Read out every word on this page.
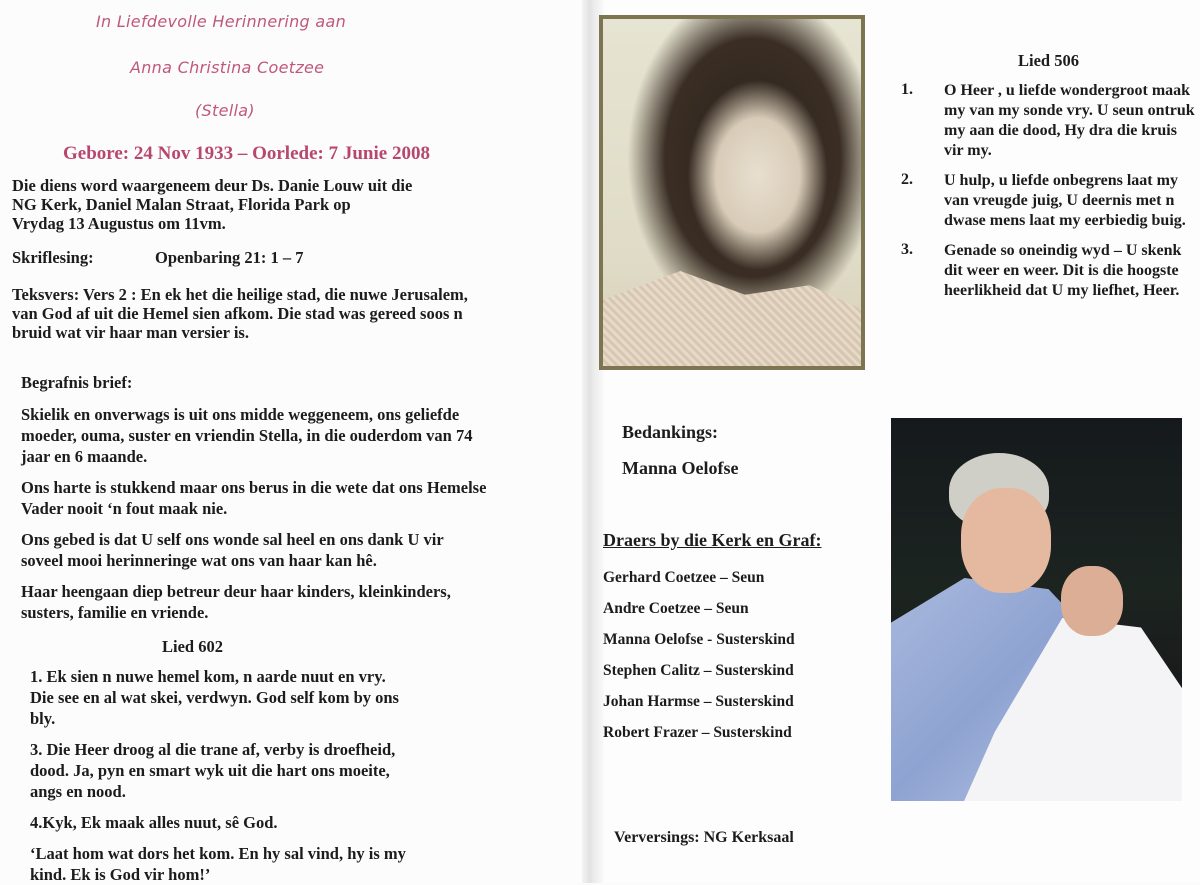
In Liefdevolle Herinnering aan
Anna Christina Coetzee
(Stella)
Gebore: 24 Nov 1933 – Oorlede: 7 Junie 2008

Die diens word waargeneem deur Ds. Danie Louw uit die

NG Kerk, Daniel Malan Straat, Florida Park op

Vrydag 13 Augustus om 11vm.

Skriflesing:	Openbaring 21: 1 – 7

Teksvers: Vers 2 : En ek het die heilige stad, die nuwe Jerusalem,

van God af uit die Hemel sien afkom. Die stad was gereed soos n

bruid wat vir haar man versier is.

Begrafnis brief:

Skielik en onverwags is uit ons midde weggeneem, ons geliefde

moeder, ouma, suster en vriendin Stella, in die ouderdom van 74

jaar en 6 maande.

Ons harte is stukkend maar ons berus in die wete dat ons Hemelse

Vader nooit ‘n fout maak nie.

Ons gebed is dat U self ons wonde sal heel en ons dank U vir

soveel mooi herinneringe wat ons van haar kan hê.

Haar heengaan diep betreur deur haar kinders, kleinkinders,

susters, familie en vriende.

Lied 602

1. Ek sien n nuwe hemel kom, n aarde nuut en vry.

Die see en al wat skei, verdwyn. God self kom by ons

bly.

3. Die Heer droog al die trane af, verby is droefheid,

dood. Ja, pyn en smart wyk uit die hart ons moeite,

angs en nood.

4.Kyk, Ek maak alles nuut, sê God.

‘Laat hom wat dors het kom. En hy sal vind, hy is my

kind. Ek is God vir hom!’

Lied 506
1.	O Heer , u liefde wondergroot maak my van my sonde vry. U seun ontruk my aan die dood, Hy dra die kruis vir my.
2.	U hulp, u liefde onbegrens laat my van vreugde juig, U deernis met n dwase mens laat my eerbiedig buig.
3.	Genade so oneindig wyd – U skenk dit weer en weer. Dit is die hoogste heerlikheid dat U my liefhet, Heer.
Bedankings:
Manna Oelofse
Draers by die Kerk en Graf:
Gerhard Coetzee – Seun
Andre Coetzee – Seun
Manna Oelofse - Susterskind
Stephen Calitz – Susterskind
Johan Harmse – Susterskind
Robert Frazer – Susterskind
Verversings: NG Kerksaal
